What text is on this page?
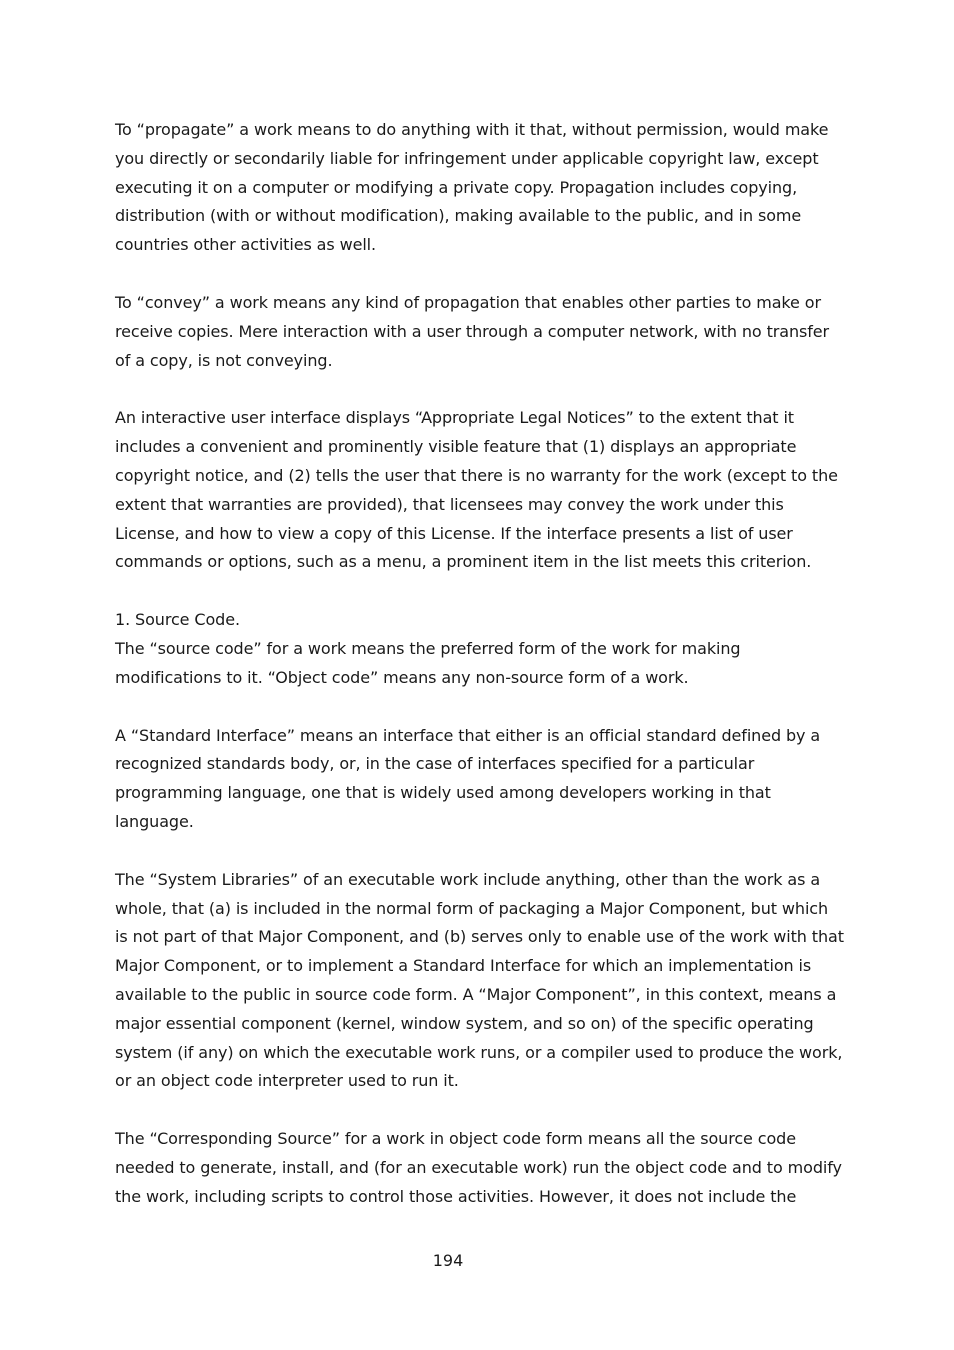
To “propagate” a work means to do anything with it that, without permission, would make
you directly or secondarily liable for infringement under applicable copyright law, except
executing it on a computer or modifying a private copy. Propagation includes copying,
distribution (with or without modification), making available to the public, and in some
countries other activities as well.

To “convey” a work means any kind of propagation that enables other parties to make or
receive copies. Mere interaction with a user through a computer network, with no transfer
of a copy, is not conveying.

An interactive user interface displays “Appropriate Legal Notices” to the extent that it
includes a convenient and prominently visible feature that (1) displays an appropriate
copyright notice, and (2) tells the user that there is no warranty for the work (except to the
extent that warranties are provided), that licensees may convey the work under this
License, and how to view a copy of this License. If the interface presents a list of user
commands or options, such as a menu, a prominent item in the list meets this criterion.

1. Source Code.
The “source code” for a work means the preferred form of the work for making
modifications to it. “Object code” means any non-source form of a work.

A “Standard Interface” means an interface that either is an official standard defined by a
recognized standards body, or, in the case of interfaces specified for a particular
programming language, one that is widely used among developers working in that
language.

The “System Libraries” of an executable work include anything, other than the work as a
whole, that (a) is included in the normal form of packaging a Major Component, but which
is not part of that Major Component, and (b) serves only to enable use of the work with that
Major Component, or to implement a Standard Interface for which an implementation is
available to the public in source code form. A “Major Component”, in this context, means a
major essential component (kernel, window system, and so on) of the specific operating
system (if any) on which the executable work runs, or a compiler used to produce the work,
or an object code interpreter used to run it.

The “Corresponding Source” for a work in object code form means all the source code
needed to generate, install, and (for an executable work) run the object code and to modify
the work, including scripts to control those activities. However, it does not include the

194
